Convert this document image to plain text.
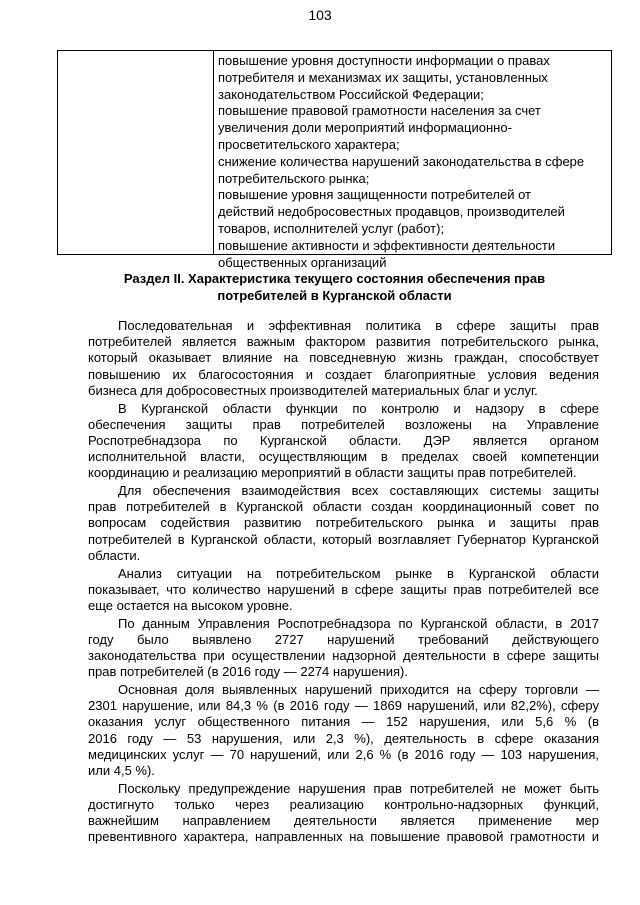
103
повышение уровня доступности информации о правах
потребителя и механизмах их защиты, установленных
законодательством Российской Федерации;
повышение правовой грамотности населения за счет
увеличения доли мероприятий информационно-
просветительского характера;
снижение количества нарушений законодательства в сфере
потребительского рынка;
повышение уровня защищенности потребителей от
действий недобросовестных продавцов, производителей
товаров, исполнителей услуг (работ);
повышение активности и эффективности деятельности
общественных организаций
Раздел II. Характеристика текущего состояния обеспечения прав
потребителей в Курганской области
Последовательная и эффективная политика в сфере защиты прав
потребителей является важным фактором развития потребительского рынка,
который оказывает влияние на повседневную жизнь граждан, способствует
повышению их благосостояния и создает благоприятные условия ведения
бизнеса для добросовестных производителей материальных благ и услуг.
В Курганской области функции по контролю и надзору в сфере
обеспечения защиты прав потребителей возложены на Управление
Роспотребнадзора по Курганской области. ДЭР является органом
исполнительной власти, осуществляющим в пределах своей компетенции
координацию и реализацию мероприятий в области защиты прав потребителей.
Для обеспечения взаимодействия всех составляющих системы защиты
прав потребителей в Курганской области создан координационный совет по
вопросам содействия развитию потребительского рынка и защиты прав
потребителей в Курганской области, который возглавляет Губернатор Курганской
области.
Анализ ситуации на потребительском рынке в Курганской области
показывает, что количество нарушений в сфере защиты прав потребителей все
еще остается на высоком уровне.
По данным Управления Роспотребнадзора по Курганской области, в 2017
году было выявлено 2727 нарушений требований действующего
законодательства при осуществлении надзорной деятельности в сфере защиты
прав потребителей (в 2016 году — 2274 нарушения).
Основная доля выявленных нарушений приходится на сферу торговли —
2301 нарушение, или 84,3 % (в 2016 году — 1869 нарушений, или 82,2%), сферу
оказания услуг общественного питания — 152 нарушения, или 5,6 % (в
2016 году — 53 нарушения, или 2,3 %), деятельность в сфере оказания
медицинских услуг — 70 нарушений, или 2,6 % (в 2016 году — 103 нарушения,
или 4,5 %).
Поскольку предупреждение нарушения прав потребителей не может быть
достигнуто только через реализацию контрольно-надзорных функций,
важнейшим направлением деятельности является применение мер
превентивного характера, направленных на повышение правовой грамотности и
